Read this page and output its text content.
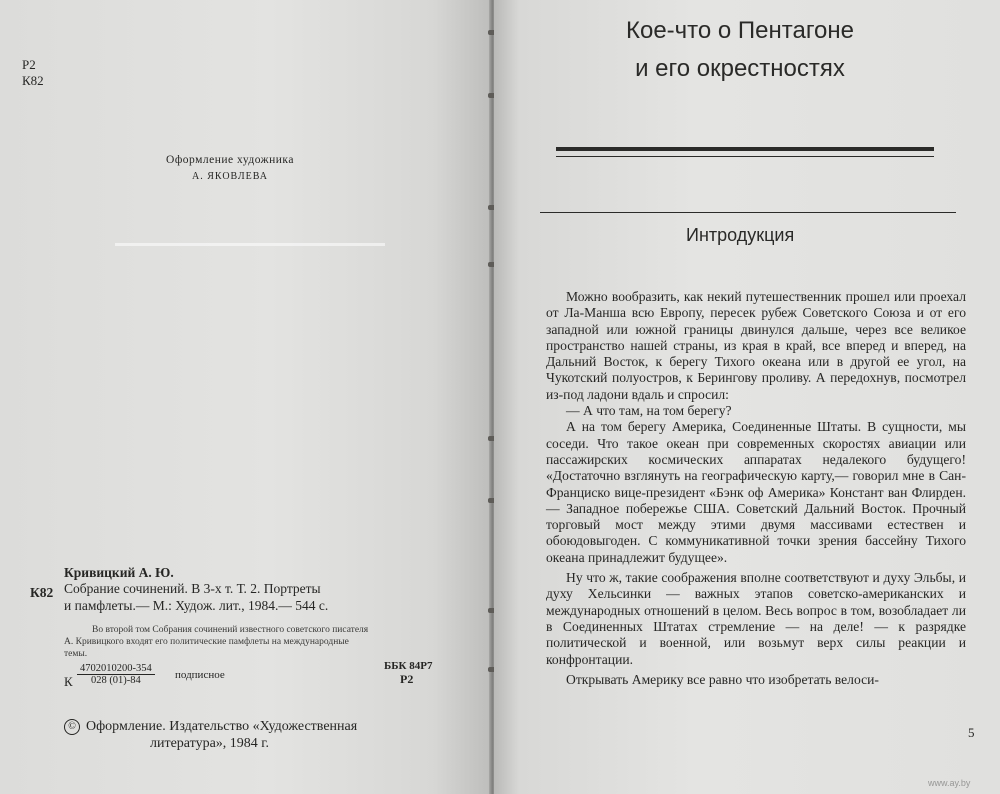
Р2
К82
Оформление художника
А. ЯКОВЛЕВА
Кривицкий А. Ю.
К82 Собрание сочинений. В 3-х т. Т. 2. Портреты
и памфлеты.— М.: Худож. лит., 1984.— 544 с.
Во второй том Собрания сочинений известного советского писателя
А. Кривицкого входят его политические памфлеты на международные
темы.
К $\frac{4702010200-354}{028 (01)-84}$ подписное
ББК 84Р7
Р2
© Оформление. Издательство «Художественная
литература», 1984 г.
Кое-что о Пентагоне
и его окрестностях
Интродукция

Можно вообразить, как некий путешественник прошел или проехал от Ла-Манша всю Европу, пересек рубеж Советского Союза и от его западной или южной границы двинулся дальше, через все великое пространство нашей страны, из края в край, все вперед и вперед, на Дальний Восток, к берегу Тихого океана или в другой ее угол, на Чукотский полуостров, к Берингову проливу. А передохнув, посмотрел из-под ладони вдаль и спросил:

— А что там, на том берегу?

А на том берегу Америка, Соединенные Штаты. В сущности, мы соседи. Что такое океан при современных скоростях авиации или пассажирских космических аппаратах недалекого будущего! «Достаточно взглянуть на географическую карту,— говорил мне в Сан-Франциско вице-президент «Бэнк оф Америка» Констант ван Флирден.— Западное побережье США. Советский Дальний Восток. Прочный торговый мост между этими двумя массивами естествен и обоюдовыгоден. С коммуникативной точки зрения бассейну Тихого океана принадлежит будущее».

Ну что ж, такие соображения вполне соответствуют и духу Эльбы, и духу Хельсинки — важных этапов советско-американских и международных отношений в целом. Весь вопрос в том, возобладает ли в Соединенных Штатах стремление — на деле! — к разрядке политической и военной, или возьмут верх силы реакции и конфронтации.

Открывать Америку все равно что изобретать велоси-

5
www.ay.by
